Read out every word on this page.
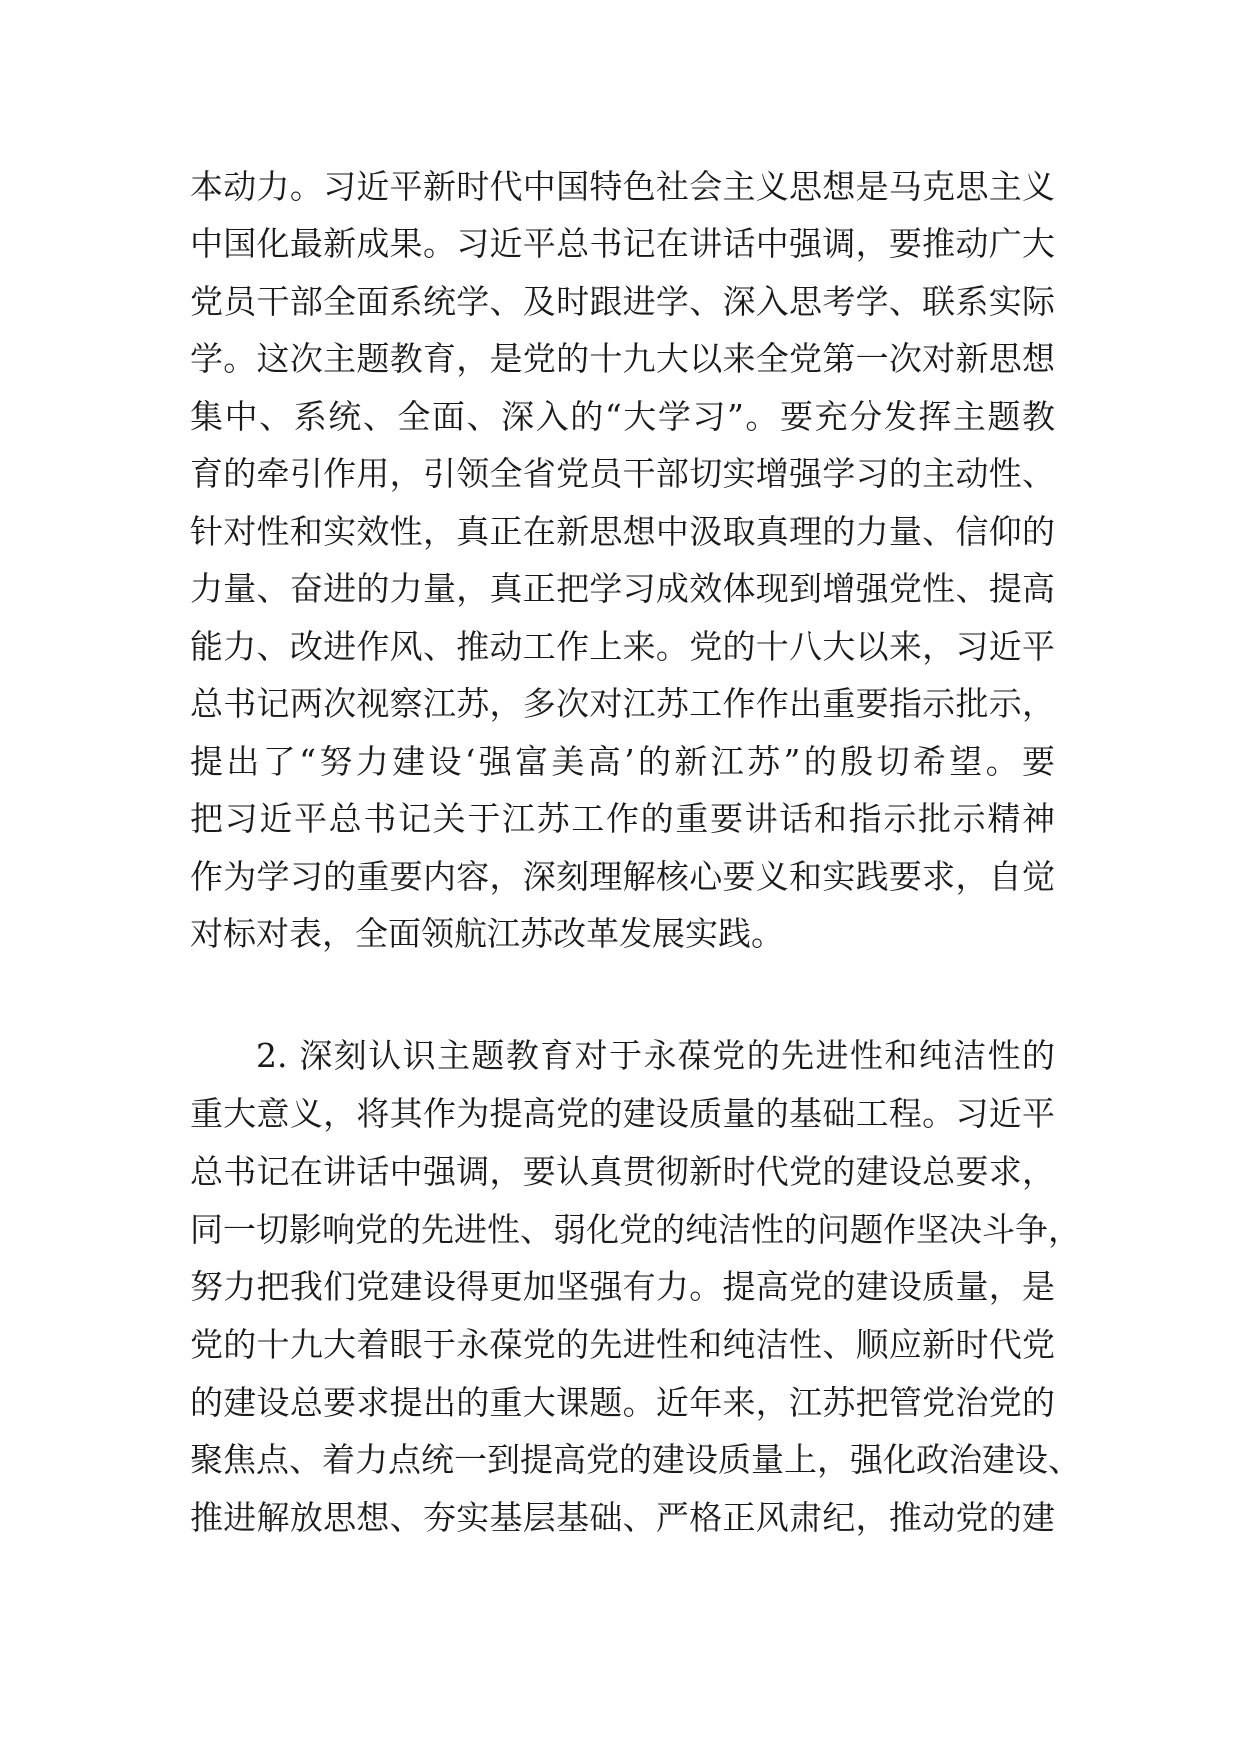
本动力。习近平新时代中国特色社会主义思想是马克思主义
中国化最新成果。习近平总书记在讲话中强调，要推动广大
党员干部全面系统学、及时跟进学、深入思考学、联系实际
学。这次主题教育，是党的十九大以来全党第一次对新思想
集中、系统、全面、深入的“大学习”。要充分发挥主题教
育的牵引作用，引领全省党员干部切实增强学习的主动性、
针对性和实效性，真正在新思想中汲取真理的力量、信仰的
力量、奋进的力量，真正把学习成效体现到增强党性、提高
能力、改进作风、推动工作上来。党的十八大以来，习近平
总书记两次视察江苏，多次对江苏工作作出重要指示批示，
提出了“努力建设‘强富美高’的新江苏”的殷切希望。要
把习近平总书记关于江苏工作的重要讲话和指示批示精神
作为学习的重要内容，深刻理解核心要义和实践要求，自觉
对标对表，全面领航江苏改革发展实践。
2. 深刻认识主题教育对于永葆党的先进性和纯洁性的
重大意义，将其作为提高党的建设质量的基础工程。习近平
总书记在讲话中强调，要认真贯彻新时代党的建设总要求，
同一切影响党的先进性、弱化党的纯洁性的问题作坚决斗争，
努力把我们党建设得更加坚强有力。提高党的建设质量，是
党的十九大着眼于永葆党的先进性和纯洁性、顺应新时代党
的建设总要求提出的重大课题。近年来，江苏把管党治党的
聚焦点、着力点统一到提高党的建设质量上，强化政治建设、
推进解放思想、夯实基层基础、严格正风肃纪，推动党的建
